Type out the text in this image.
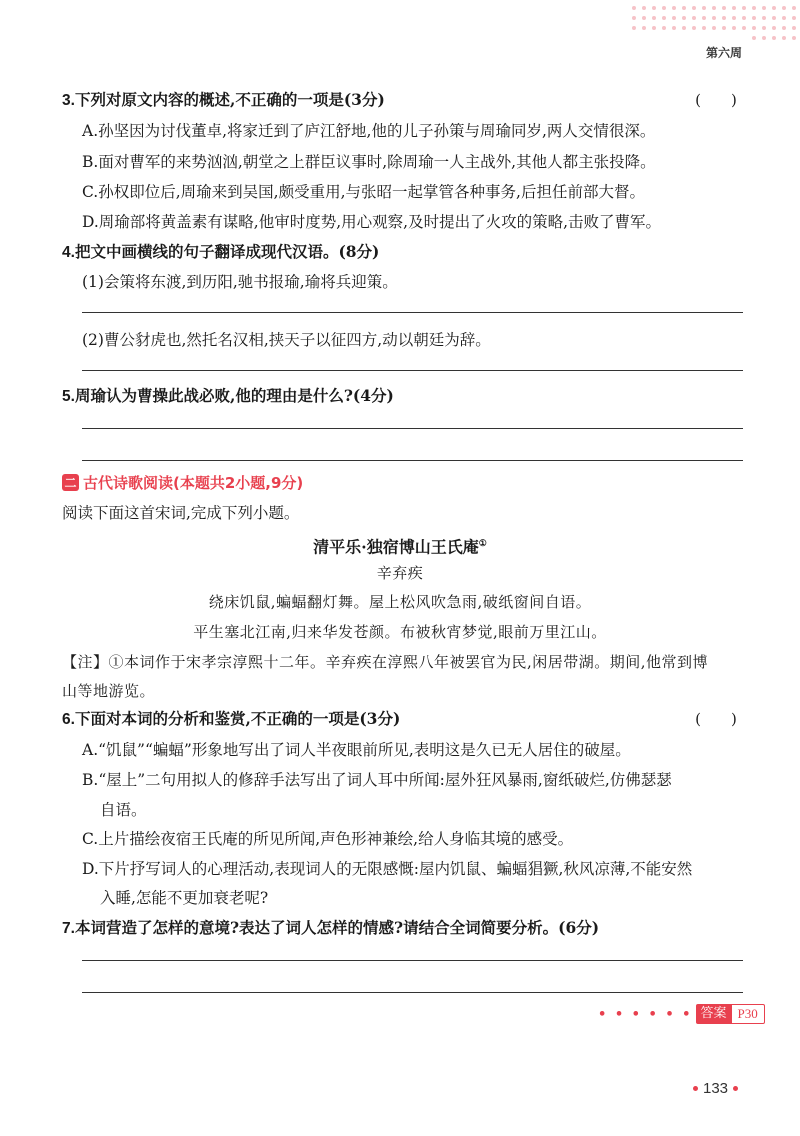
第六周
3.下列对原文内容的概述,不正确的一项是(3分)	(　　)
A.孙坚因为讨伐董卓,将家迁到了庐江舒地,他的儿子孙策与周瑜同岁,两人交情很深。
B.面对曹军的来势汹汹,朝堂之上群臣议事时,除周瑜一人主战外,其他人都主张投降。
C.孙权即位后,周瑜来到吴国,颇受重用,与张昭一起掌管各种事务,后担任前部大督。
D.周瑜部将黄盖素有谋略,他审时度势,用心观察,及时提出了火攻的策略,击败了曹军。
4.把文中画横线的句子翻译成现代汉语。(8分)
(1)会策将东渡,到历阳,驰书报瑜,瑜将兵迎策。
(2)曹公豺虎也,然托名汉相,挟天子以征四方,动以朝廷为辞。
5.周瑜认为曹操此战必败,他的理由是什么?(4分)
二 古代诗歌阅读(本题共2小题,9分)
阅读下面这首宋词,完成下列小题。
清平乐·独宿博山王氏庵①
辛弃疾
绕床饥鼠,蝙蝠翻灯舞。屋上松风吹急雨,破纸窗间自语。
平生塞北江南,归来华发苍颜。布被秋宵梦觉,眼前万里江山。
【注】①本词作于宋孝宗淳熙十二年。辛弃疾在淳熙八年被罢官为民,闲居带湖。期间,他常到博
山等地游览。
6.下面对本词的分析和鉴赏,不正确的一项是(3分)	(　　)
A.“饥鼠”“蝙蝠”形象地写出了词人半夜眼前所见,表明这是久已无人居住的破屋。
B.“屋上”二句用拟人的修辞手法写出了词人耳中所闻:屋外狂风暴雨,窗纸破烂,仿佛瑟瑟
自语。
C.上片描绘夜宿王氏庵的所见所闻,声色形神兼绘,给人身临其境的感受。
D.下片抒写词人的心理活动,表现词人的无限感慨:屋内饥鼠、蝙蝠猖獗,秋风凉薄,不能安然
入睡,怎能不更加衰老呢?
7.本词营造了怎样的意境?表达了词人怎样的情感?请结合全词简要分析。(6分)
• • • • • • 答案 P30
133
